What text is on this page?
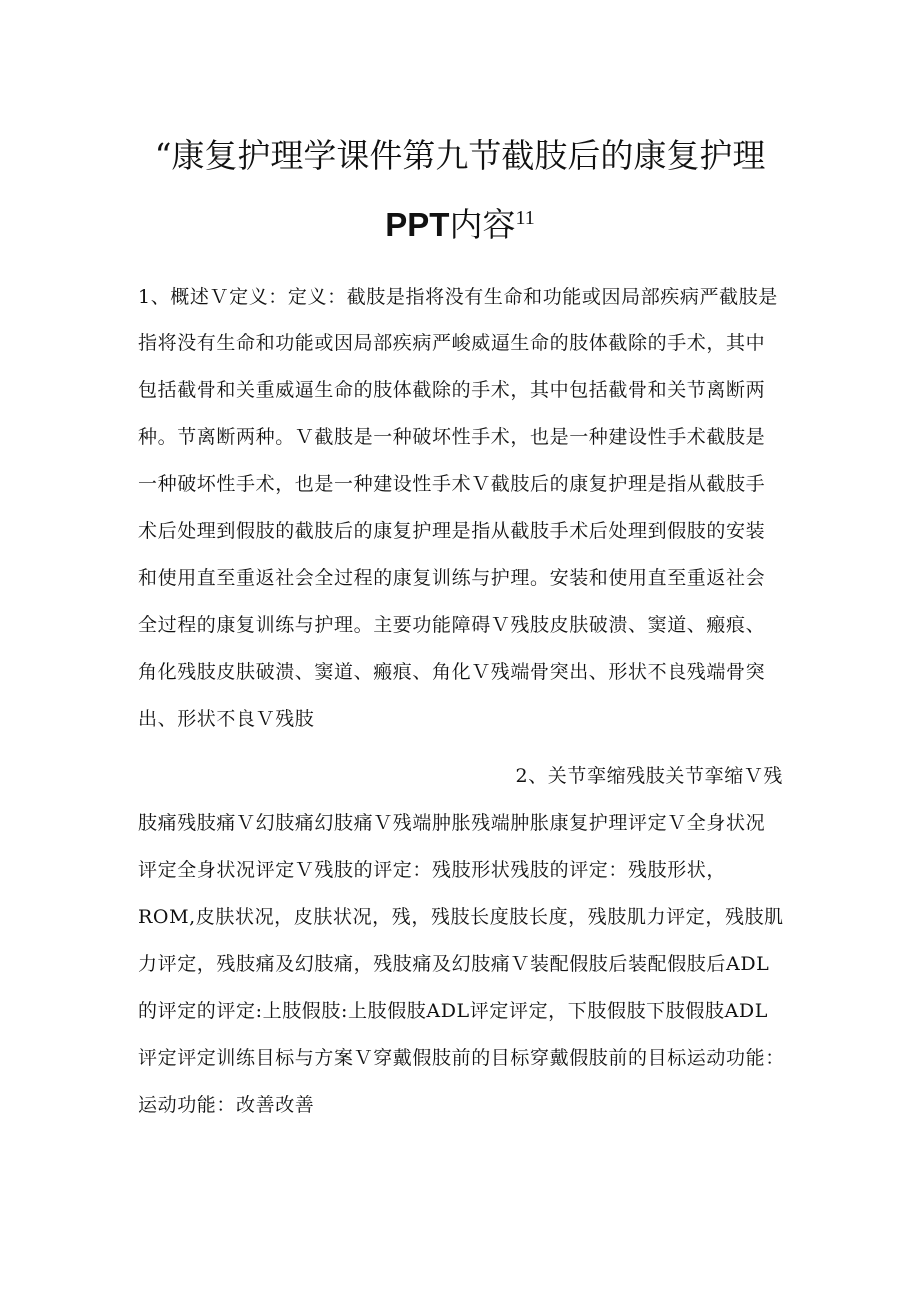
“康复护理学课件第九节截肢后的康复护理
PPT内容$^{11}$
1、概述Ｖ定义：定义：截肢是指将没有生命和功能或因局部疾病严截肢是
指将没有生命和功能或因局部疾病严峻威逼生命的肢体截除的手术，其中
包括截骨和关重威逼生命的肢体截除的手术，其中包括截骨和关节离断两
种。节离断两种。Ｖ截肢是一种破坏性手术，也是一种建设性手术截肢是
一种破坏性手术，也是一种建设性手术Ｖ截肢后的康复护理是指从截肢手
术后处理到假肢的截肢后的康复护理是指从截肢手术后处理到假肢的安装
和使用直至重返社会全过程的康复训练与护理。安装和使用直至重返社会
全过程的康复训练与护理。主要功能障碍Ｖ残肢皮肤破溃、窦道、瘢痕、
角化残肢皮肤破溃、窦道、瘢痕、角化Ｖ残端骨突出、形状不良残端骨突
出、形状不良Ｖ残肢
2、关节挛缩残肢关节挛缩Ｖ残
肢痛残肢痛Ｖ幻肢痛幻肢痛Ｖ残端肿胀残端肿胀康复护理评定Ｖ全身状况
评定全身状况评定Ｖ残肢的评定：残肢形状残肢的评定：残肢形状，
ROM,皮肤状况，皮肤状况，残，残肢长度肢长度，残肢肌力评定，残肢肌
力评定，残肢痛及幻肢痛，残肢痛及幻肢痛Ｖ装配假肢后装配假肢后ADL
的评定的评定:上肢假肢:上肢假肢ADL评定评定，下肢假肢下肢假肢ADL
评定评定训练目标与方案Ｖ穿戴假肢前的目标穿戴假肢前的目标运动功能：
运动功能：改善改善
